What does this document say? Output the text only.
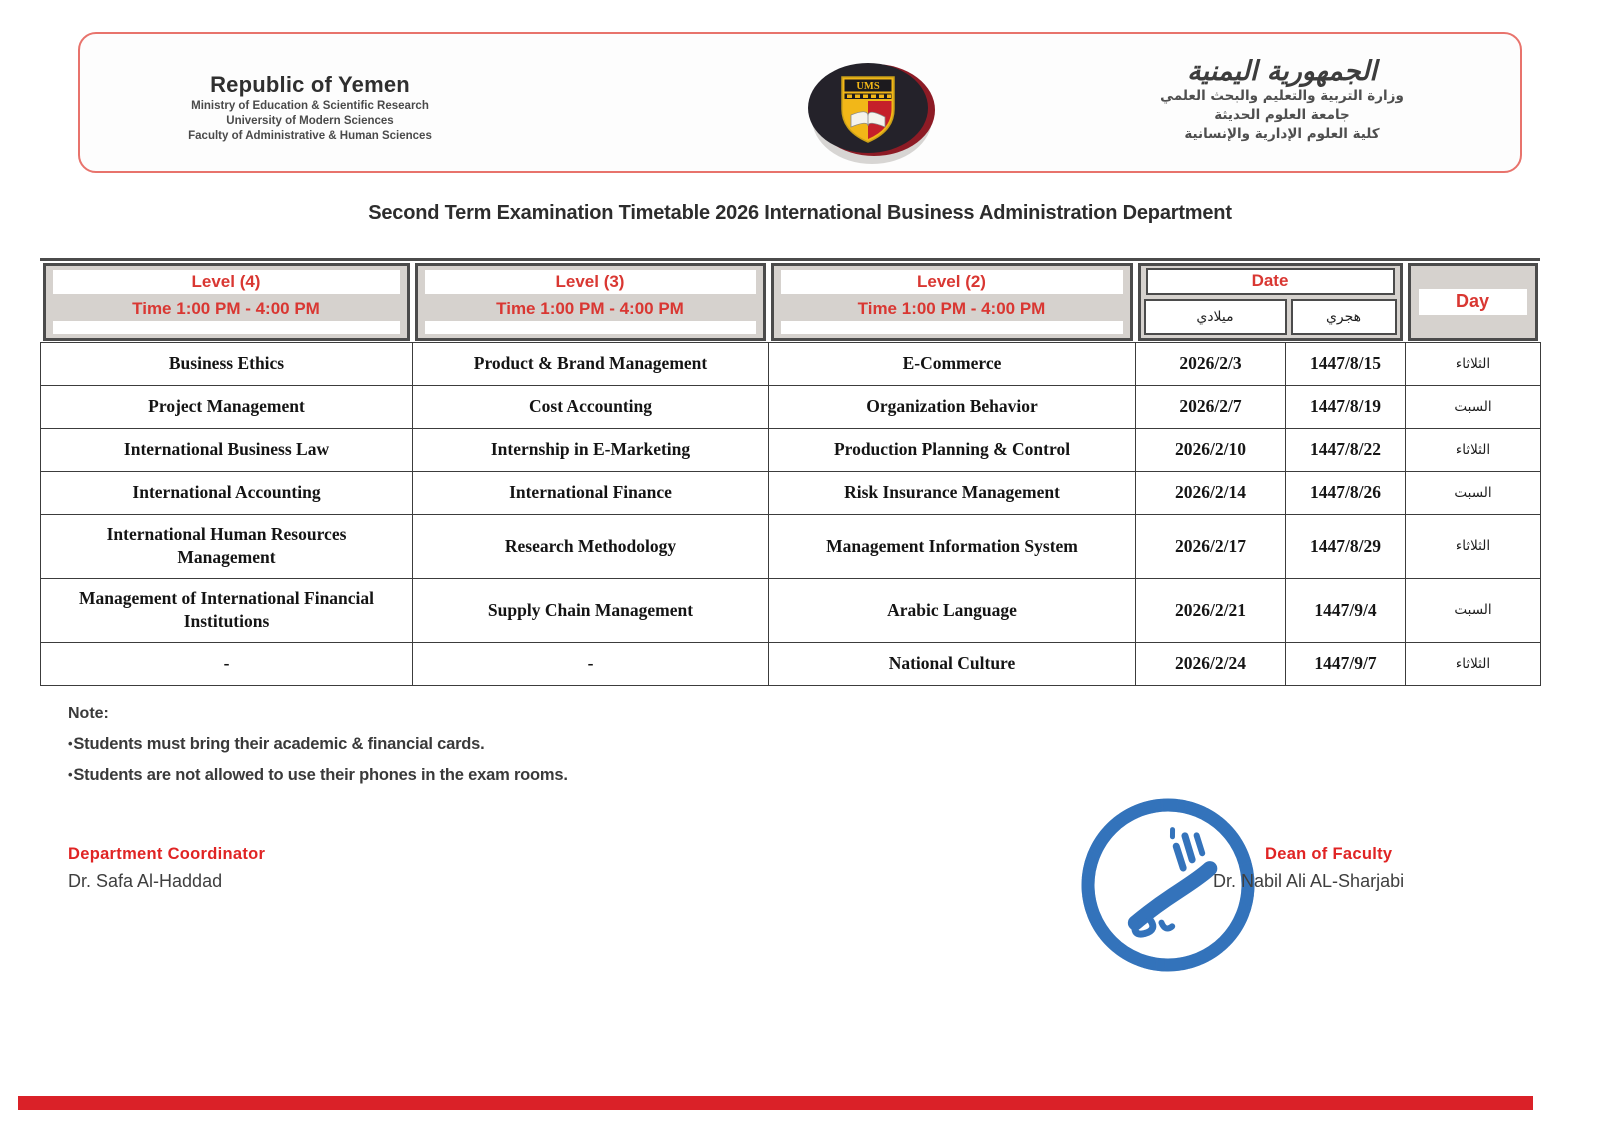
Republic of Yemen
Ministry of Education & Scientific Research
University of Modern Sciences
Faculty of Administrative & Human Sciences
UMS	الجمهورية اليمنية
وزارة التربية والتعليم والبحث العلمي
جامعة العلوم الحديثة
كلية العلوم الإدارية والإنسانية
Second Term Examination Timetable 2026 International Business Administration Department
Level (4)
Time 1:00 PM - 4:00 PM
Level (3)
Time 1:00 PM - 4:00 PM
Level (2)
Time 1:00 PM - 4:00 PM
Date
ميلادي	هجري
Day
Business Ethics	Product & Brand Management	E-Commerce	2026/2/3	1447/8/15	الثلاثاء
Project Management	Cost Accounting	Organization Behavior	2026/2/7	1447/8/19	السبت
International Business Law	Internship in E-Marketing	Production Planning & Control	2026/2/10	1447/8/22	الثلاثاء
International Accounting	International Finance	Risk Insurance Management	2026/2/14	1447/8/26	السبت
International Human Resources Management	Research Methodology	Management Information System	2026/2/17	1447/8/29	الثلاثاء
Management of International Financial Institutions	Supply Chain Management	Arabic Language	2026/2/21	1447/9/4	السبت
-	-	National Culture	2026/2/24	1447/9/7	الثلاثاء
Note:
•Students must bring their academic & financial cards.
•Students are not allowed to use their phones in the exam rooms.
Department Coordinator
Dr. Safa Al-Haddad
Dean of Faculty
Dr. Nabil Ali AL-Sharjabi
